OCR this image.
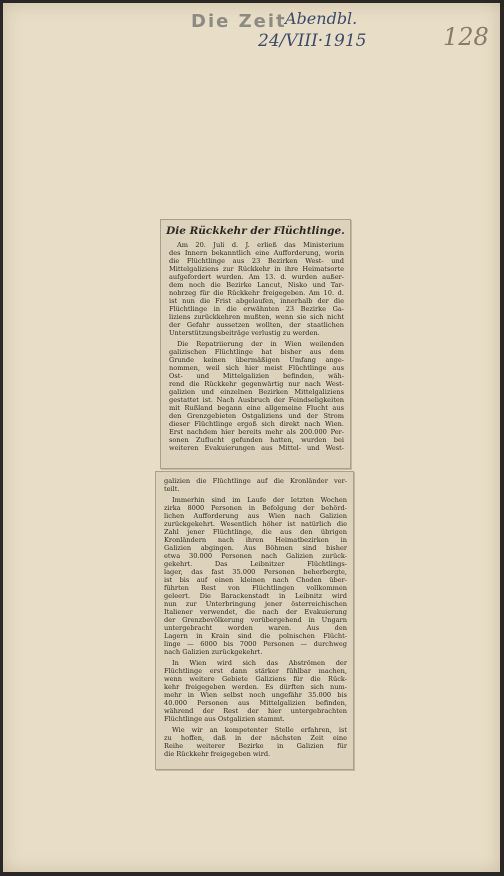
Die Zeit
Abendbl.
24/VIII·1915	128
Die Rückkehr der Flüchtlinge.
Am 20. Juli d. J. erließ das Ministerium
des Innern bekanntlich eine Aufforderung, worin
die Flüchtlinge aus 23 Bezirken West- und
Mittelgaliziens zur Rückkehr in ihre Heimatsorte
aufgefordert wurden. Am 13. d. wurden außer-
dem noch die Bezirke Lancut, Nisko und Tar-
nobrzeg für die Rückkehr freigegeben. Am 10. d.
ist nun die Frist abgelaufen, innerhalb der die
Flüchtlinge in die erwähnten 23 Bezirke Ga-
liziens zurückkehren mußten, wenn sie sich nicht
der Gefahr aussetzen wollten, der staatlichen
Unterstützungsbeiträge verlustig zu werden.
Die Repatriierung der in Wien weilenden
galizischen Flüchtlinge hat bisher aus dem
Grunde keinen übermäßigen Umfang ange-
nommen, weil sich hier meist Flüchtlinge aus
Ost- und Mittelgalizien befinden, wäh-
rend die Rückkehr gegenwärtig nur nach West-
galizien und einzelnen Bezirken Mittelgaliziens
gestattet ist. Nach Ausbruch der Feindseligkeiten
mit Rußland begann eine allgemeine Flucht aus
den Grenzgebieten Ostgaliziens und der Strom
dieser Flüchtlinge ergoß sich direkt nach Wien.
Erst nachdem hier bereits mehr als 200.000 Per-
sonen Zuflucht gefunden hatten, wurden bei
weiteren Evakuierungen aus Mittel- und West-
galizien die Flüchtlinge auf die Kronländer ver-
teilt.
Immerhin sind im Laufe der letzten Wochen
zirka 8000 Personen in Befolgung der behörd-
lichen Aufforderung aus Wien nach Galizien
zurückgekehrt. Wesentlich höher ist natürlich die
Zahl jener Flüchtlinge, die aus den übrigen
Kronländern nach ihren Heimatbezirken in
Galizien abgingen. Aus Böhmen sind bisher
etwa 30.000 Personen nach Galizien zurück-
gekehrt. Das Leibnitzer Flüchtlings-
lager, das fast 35.000 Personen beherbergte,
ist bis auf einen kleinen nach Choden über-
führten Rest von Flüchtlingen vollkommen
geleert. Die Barackenstadt in Leibnitz wird
nun zur Unterbringung jener österreichischen
Italiener verwendet, die nach der Evakuierung
der Grenzbevölkerung vorübergehend in Ungarn
untergebracht worden waren. Aus den
Lagern in Krain sind die polnischen Flücht-
linge — 6000 bis 7000 Personen — durchweg
nach Galizien zurückgekehrt.
In Wien wird sich das Abströmen der
Flüchtlinge erst dann stärker fühlbar machen,
wenn weitere Gebiete Galiziens für die Rück-
kehr freigegeben werden. Es dürften sich num-
mehr in Wien selbst noch ungefähr 35.000 bis
40.000 Personen aus Mittelgalizien befinden,
während der Rest der hier untergebrachten
Flüchtlinge aus Ostgalizien stammt.
Wie wir an kompetenter Stelle erfahren, ist
zu hoffen, daß in der nächsten Zeit eine
Reihe weiterer Bezirke in Galizien für
die Rückkehr freigegeben wird.
